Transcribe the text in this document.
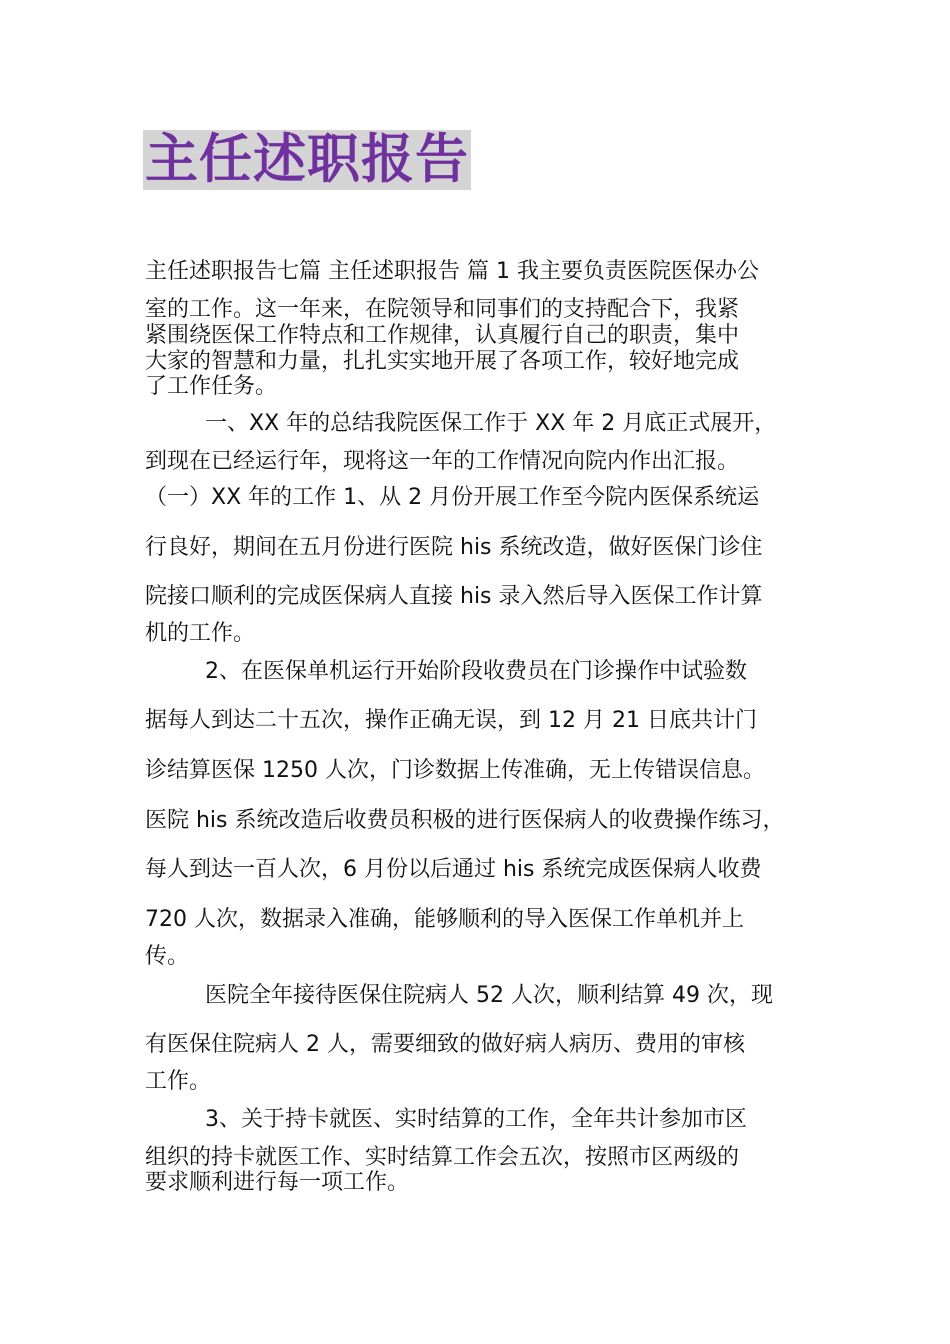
主任述职报告
主任述职报告七篇 主任述职报告 篇 1 我主要负责医院医保办公
室的工作。这一年来，在院领导和同事们的支持配合下，我紧
紧围绕医保工作特点和工作规律，认真履行自己的职责，集中
大家的智慧和力量，扎扎实实地开展了各项工作，较好地完成
了工作任务。
一、XX 年的总结我院医保工作于 XX 年 2 月底正式展开，
到现在已经运行年，现将这一年的工作情况向院内作出汇报。
（一）XX 年的工作 1、从 2 月份开展工作至今院内医保系统运
行良好，期间在五月份进行医院 his 系统改造，做好医保门诊住
院接口顺利的完成医保病人直接 his 录入然后导入医保工作计算
机的工作。
2、在医保单机运行开始阶段收费员在门诊操作中试验数
据每人到达二十五次，操作正确无误，到 12 月 21 日底共计门
诊结算医保 1250 人次，门诊数据上传准确，无上传错误信息。
医院 his 系统改造后收费员积极的进行医保病人的收费操作练习，
每人到达一百人次，6 月份以后通过 his 系统完成医保病人收费
720 人次，数据录入准确，能够顺利的导入医保工作单机并上
传。
医院全年接待医保住院病人 52 人次，顺利结算 49 次，现
有医保住院病人 2 人，需要细致的做好病人病历、费用的审核
工作。
3、关于持卡就医、实时结算的工作，全年共计参加市区
组织的持卡就医工作、实时结算工作会五次，按照市区两级的
要求顺利进行每一项工作。
